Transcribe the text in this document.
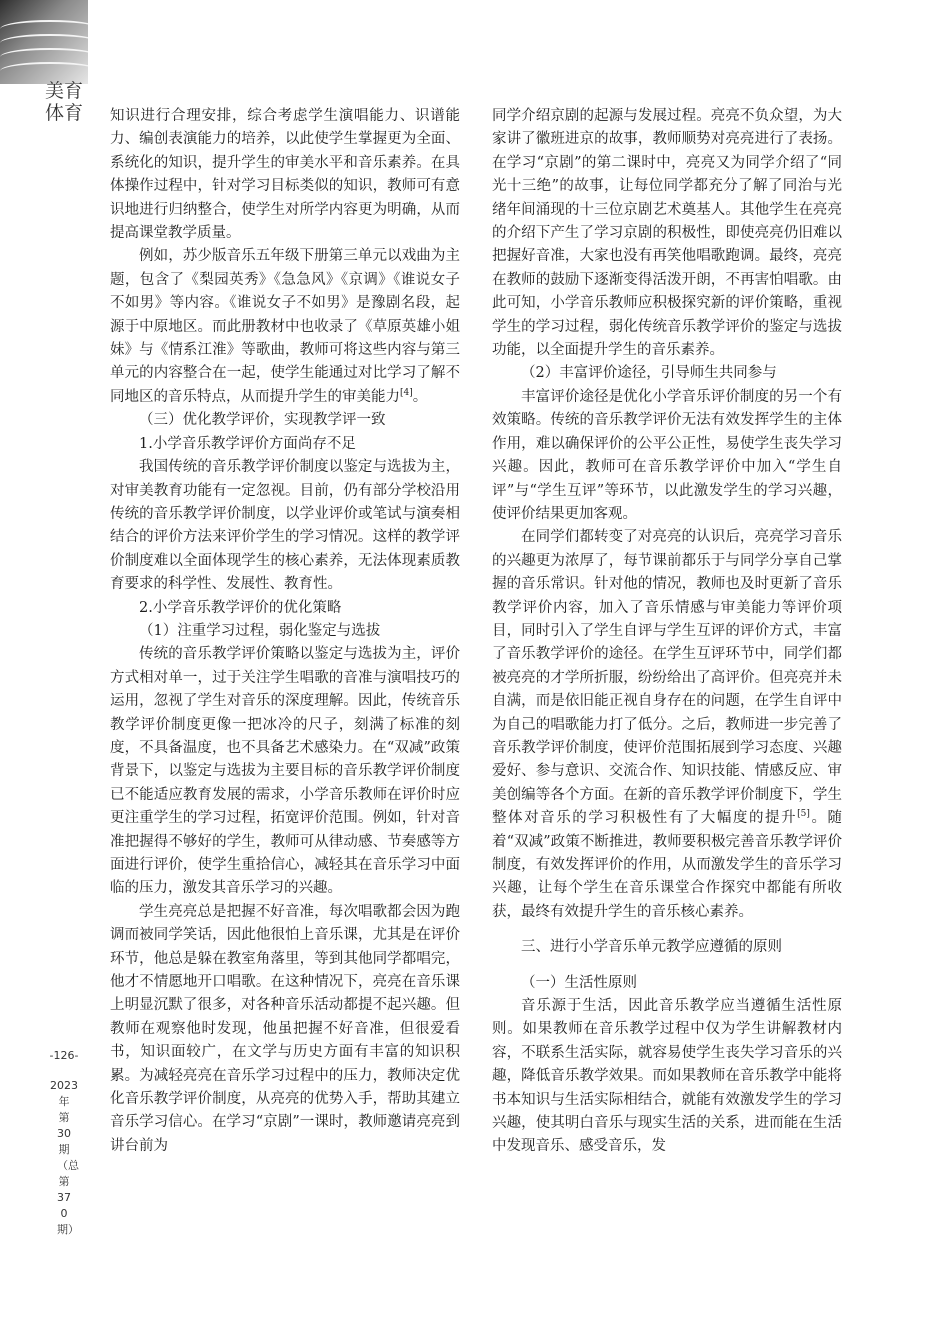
美育
体育
-126-
2023
年第30期（总第370期）

知识进行合理安排，综合考虑学生演唱能力、识谱能力、编创表演能力的培养，以此使学生掌握更为全面、系统化的知识，提升学生的审美水平和音乐素养。在具体操作过程中，针对学习目标类似的知识，教师可有意识地进行归纳整合，使学生对所学内容更为明确，从而提高课堂教学质量。

例如，苏少版音乐五年级下册第三单元以戏曲为主题，包含了《梨园英秀》《急急风》《京调》《谁说女子不如男》等内容。《谁说女子不如男》是豫剧名段，起源于中原地区。而此册教材中也收录了《草原英雄小姐妹》与《情系江淮》等歌曲，教师可将这些内容与第三单元的内容整合在一起，使学生能通过对比学习了解不同地区的音乐特点，从而提升学生的审美能力[4]。

（三）优化教学评价，实现教学评一致

1.小学音乐教学评价方面尚存不足

我国传统的音乐教学评价制度以鉴定与选拔为主，对审美教育功能有一定忽视。目前，仍有部分学校沿用传统的音乐教学评价制度，以学业评价或笔试与演奏相结合的评价方法来评价学生的学习情况。这样的教学评价制度难以全面体现学生的核心素养，无法体现素质教育要求的科学性、发展性、教育性。

2.小学音乐教学评价的优化策略

（1）注重学习过程，弱化鉴定与选拔

传统的音乐教学评价策略以鉴定与选拔为主，评价方式相对单一，过于关注学生唱歌的音准与演唱技巧的运用，忽视了学生对音乐的深度理解。因此，传统音乐教学评价制度更像一把冰冷的尺子，刻满了标准的刻度，不具备温度，也不具备艺术感染力。在“双减”政策背景下，以鉴定与选拔为主要目标的音乐教学评价制度已不能适应教育发展的需求，小学音乐教师在评价时应更注重学生的学习过程，拓宽评价范围。例如，针对音准把握得不够好的学生，教师可从律动感、节奏感等方面进行评价，使学生重拾信心，减轻其在音乐学习中面临的压力，激发其音乐学习的兴趣。

学生亮亮总是把握不好音准，每次唱歌都会因为跑调而被同学笑话，因此他很怕上音乐课，尤其是在评价环节，他总是躲在教室角落里，等到其他同学都唱完，他才不情愿地开口唱歌。在这种情况下，亮亮在音乐课上明显沉默了很多，对各种音乐活动都提不起兴趣。但教师在观察他时发现，他虽把握不好音准，但很爱看书，知识面较广，在文学与历史方面有丰富的知识积累。为减轻亮亮在音乐学习过程中的压力，教师决定优化音乐教学评价制度，从亮亮的优势入手，帮助其建立音乐学习信心。在学习“京剧”一课时，教师邀请亮亮到讲台前为

同学介绍京剧的起源与发展过程。亮亮不负众望，为大家讲了徽班进京的故事，教师顺势对亮亮进行了表扬。在学习“京剧”的第二课时中，亮亮又为同学介绍了“同光十三绝”的故事，让每位同学都充分了解了同治与光绪年间涌现的十三位京剧艺术奠基人。其他学生在亮亮的介绍下产生了学习京剧的积极性，即使亮亮仍旧难以把握好音准，大家也没有再笑他唱歌跑调。最终，亮亮在教师的鼓励下逐渐变得活泼开朗，不再害怕唱歌。由此可知，小学音乐教师应积极探究新的评价策略，重视学生的学习过程，弱化传统音乐教学评价的鉴定与选拔功能，以全面提升学生的音乐素养。

（2）丰富评价途径，引导师生共同参与

丰富评价途径是优化小学音乐评价制度的另一个有效策略。传统的音乐教学评价无法有效发挥学生的主体作用，难以确保评价的公平公正性，易使学生丧失学习兴趣。因此，教师可在音乐教学评价中加入“学生自评”与“学生互评”等环节，以此激发学生的学习兴趣，使评价结果更加客观。

在同学们都转变了对亮亮的认识后，亮亮学习音乐的兴趣更为浓厚了，每节课前都乐于与同学分享自己掌握的音乐常识。针对他的情况，教师也及时更新了音乐教学评价内容，加入了音乐情感与审美能力等评价项目，同时引入了学生自评与学生互评的评价方式，丰富了音乐教学评价的途径。在学生互评环节中，同学们都被亮亮的才学所折服，纷纷给出了高评价。但亮亮并未自满，而是依旧能正视自身存在的问题，在学生自评中为自己的唱歌能力打了低分。之后，教师进一步完善了音乐教学评价制度，使评价范围拓展到学习态度、兴趣爱好、参与意识、交流合作、知识技能、情感反应、审美创编等各个方面。在新的音乐教学评价制度下，学生整体对音乐的学习积极性有了大幅度的提升[5]。随着“双减”政策不断推进，教师要积极完善音乐教学评价制度，有效发挥评价的作用，从而激发学生的音乐学习兴趣，让每个学生在音乐课堂合作探究中都能有所收获，最终有效提升学生的音乐核心素养。

三、进行小学音乐单元教学应遵循的原则

（一）生活性原则

音乐源于生活，因此音乐教学应当遵循生活性原则。如果教师在音乐教学过程中仅为学生讲解教材内容，不联系生活实际，就容易使学生丧失学习音乐的兴趣，降低音乐教学效果。而如果教师在音乐教学中能将书本知识与生活实际相结合，就能有效激发学生的学习兴趣，使其明白音乐与现实生活的关系，进而能在生活中发现音乐、感受音乐，发
